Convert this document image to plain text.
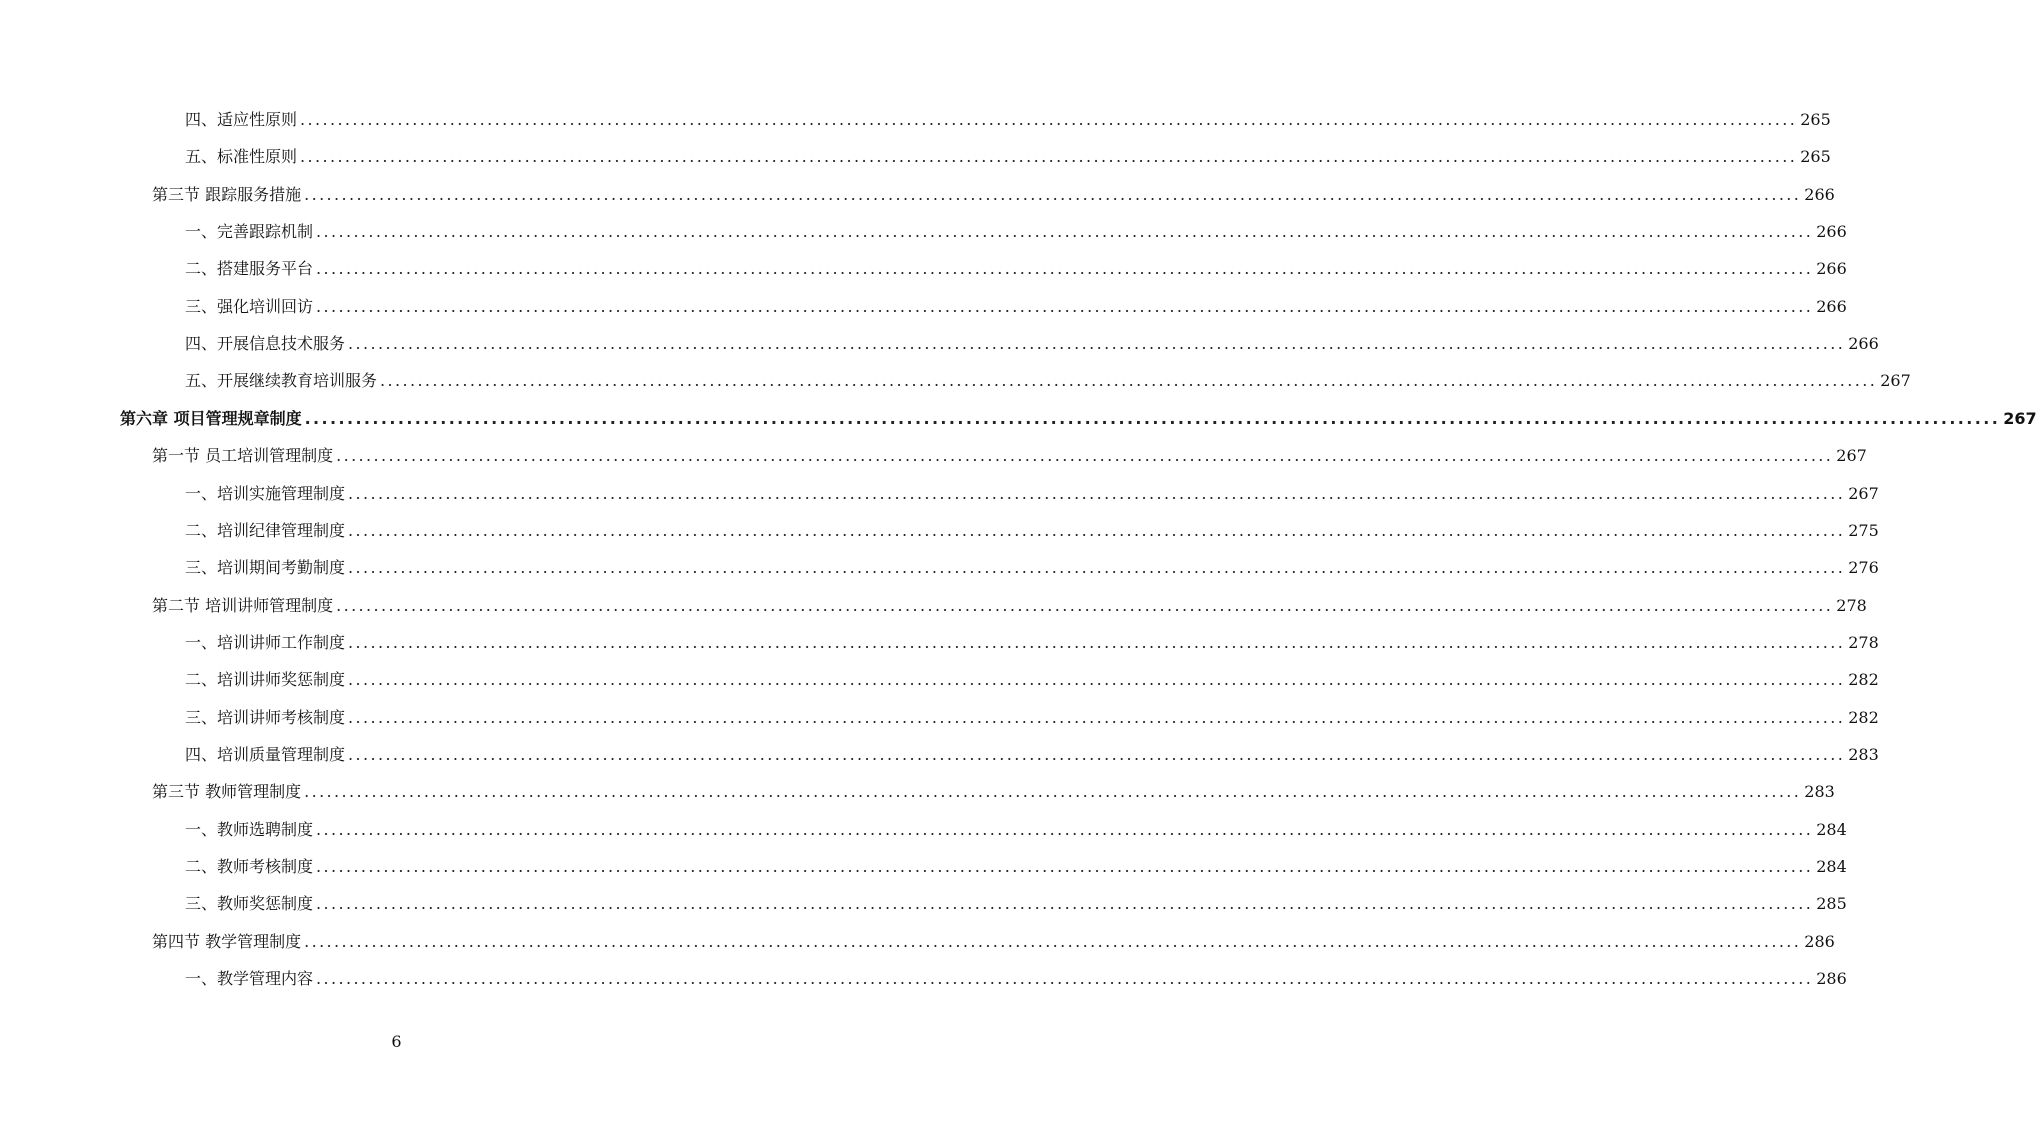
四、适应性原则 ........................................................................................................................................................................................................ 265
五、标准性原则 ........................................................................................................................................................................................................ 265
第三节 跟踪服务措施 ........................................................................................................................................................................................................ 266
一、完善跟踪机制 ........................................................................................................................................................................................................ 266
二、搭建服务平台 ........................................................................................................................................................................................................ 266
三、强化培训回访 ........................................................................................................................................................................................................ 266
四、开展信息技术服务 ........................................................................................................................................................................................................ 266
五、开展继续教育培训服务 ........................................................................................................................................................................................................ 267
第六章 项目管理规章制度 ........................................................................................................................................................................................................ 267
第一节 员工培训管理制度 ........................................................................................................................................................................................................ 267
一、培训实施管理制度 ........................................................................................................................................................................................................ 267
二、培训纪律管理制度 ........................................................................................................................................................................................................ 275
三、培训期间考勤制度 ........................................................................................................................................................................................................ 276
第二节 培训讲师管理制度 ........................................................................................................................................................................................................ 278
一、培训讲师工作制度 ........................................................................................................................................................................................................ 278
二、培训讲师奖惩制度 ........................................................................................................................................................................................................ 282
三、培训讲师考核制度 ........................................................................................................................................................................................................ 282
四、培训质量管理制度 ........................................................................................................................................................................................................ 283
第三节 教师管理制度 ........................................................................................................................................................................................................ 283
一、教师选聘制度 ........................................................................................................................................................................................................ 284
二、教师考核制度 ........................................................................................................................................................................................................ 284
三、教师奖惩制度 ........................................................................................................................................................................................................ 285
第四节 教学管理制度 ........................................................................................................................................................................................................ 286
一、教学管理内容 ........................................................................................................................................................................................................ 286
6
